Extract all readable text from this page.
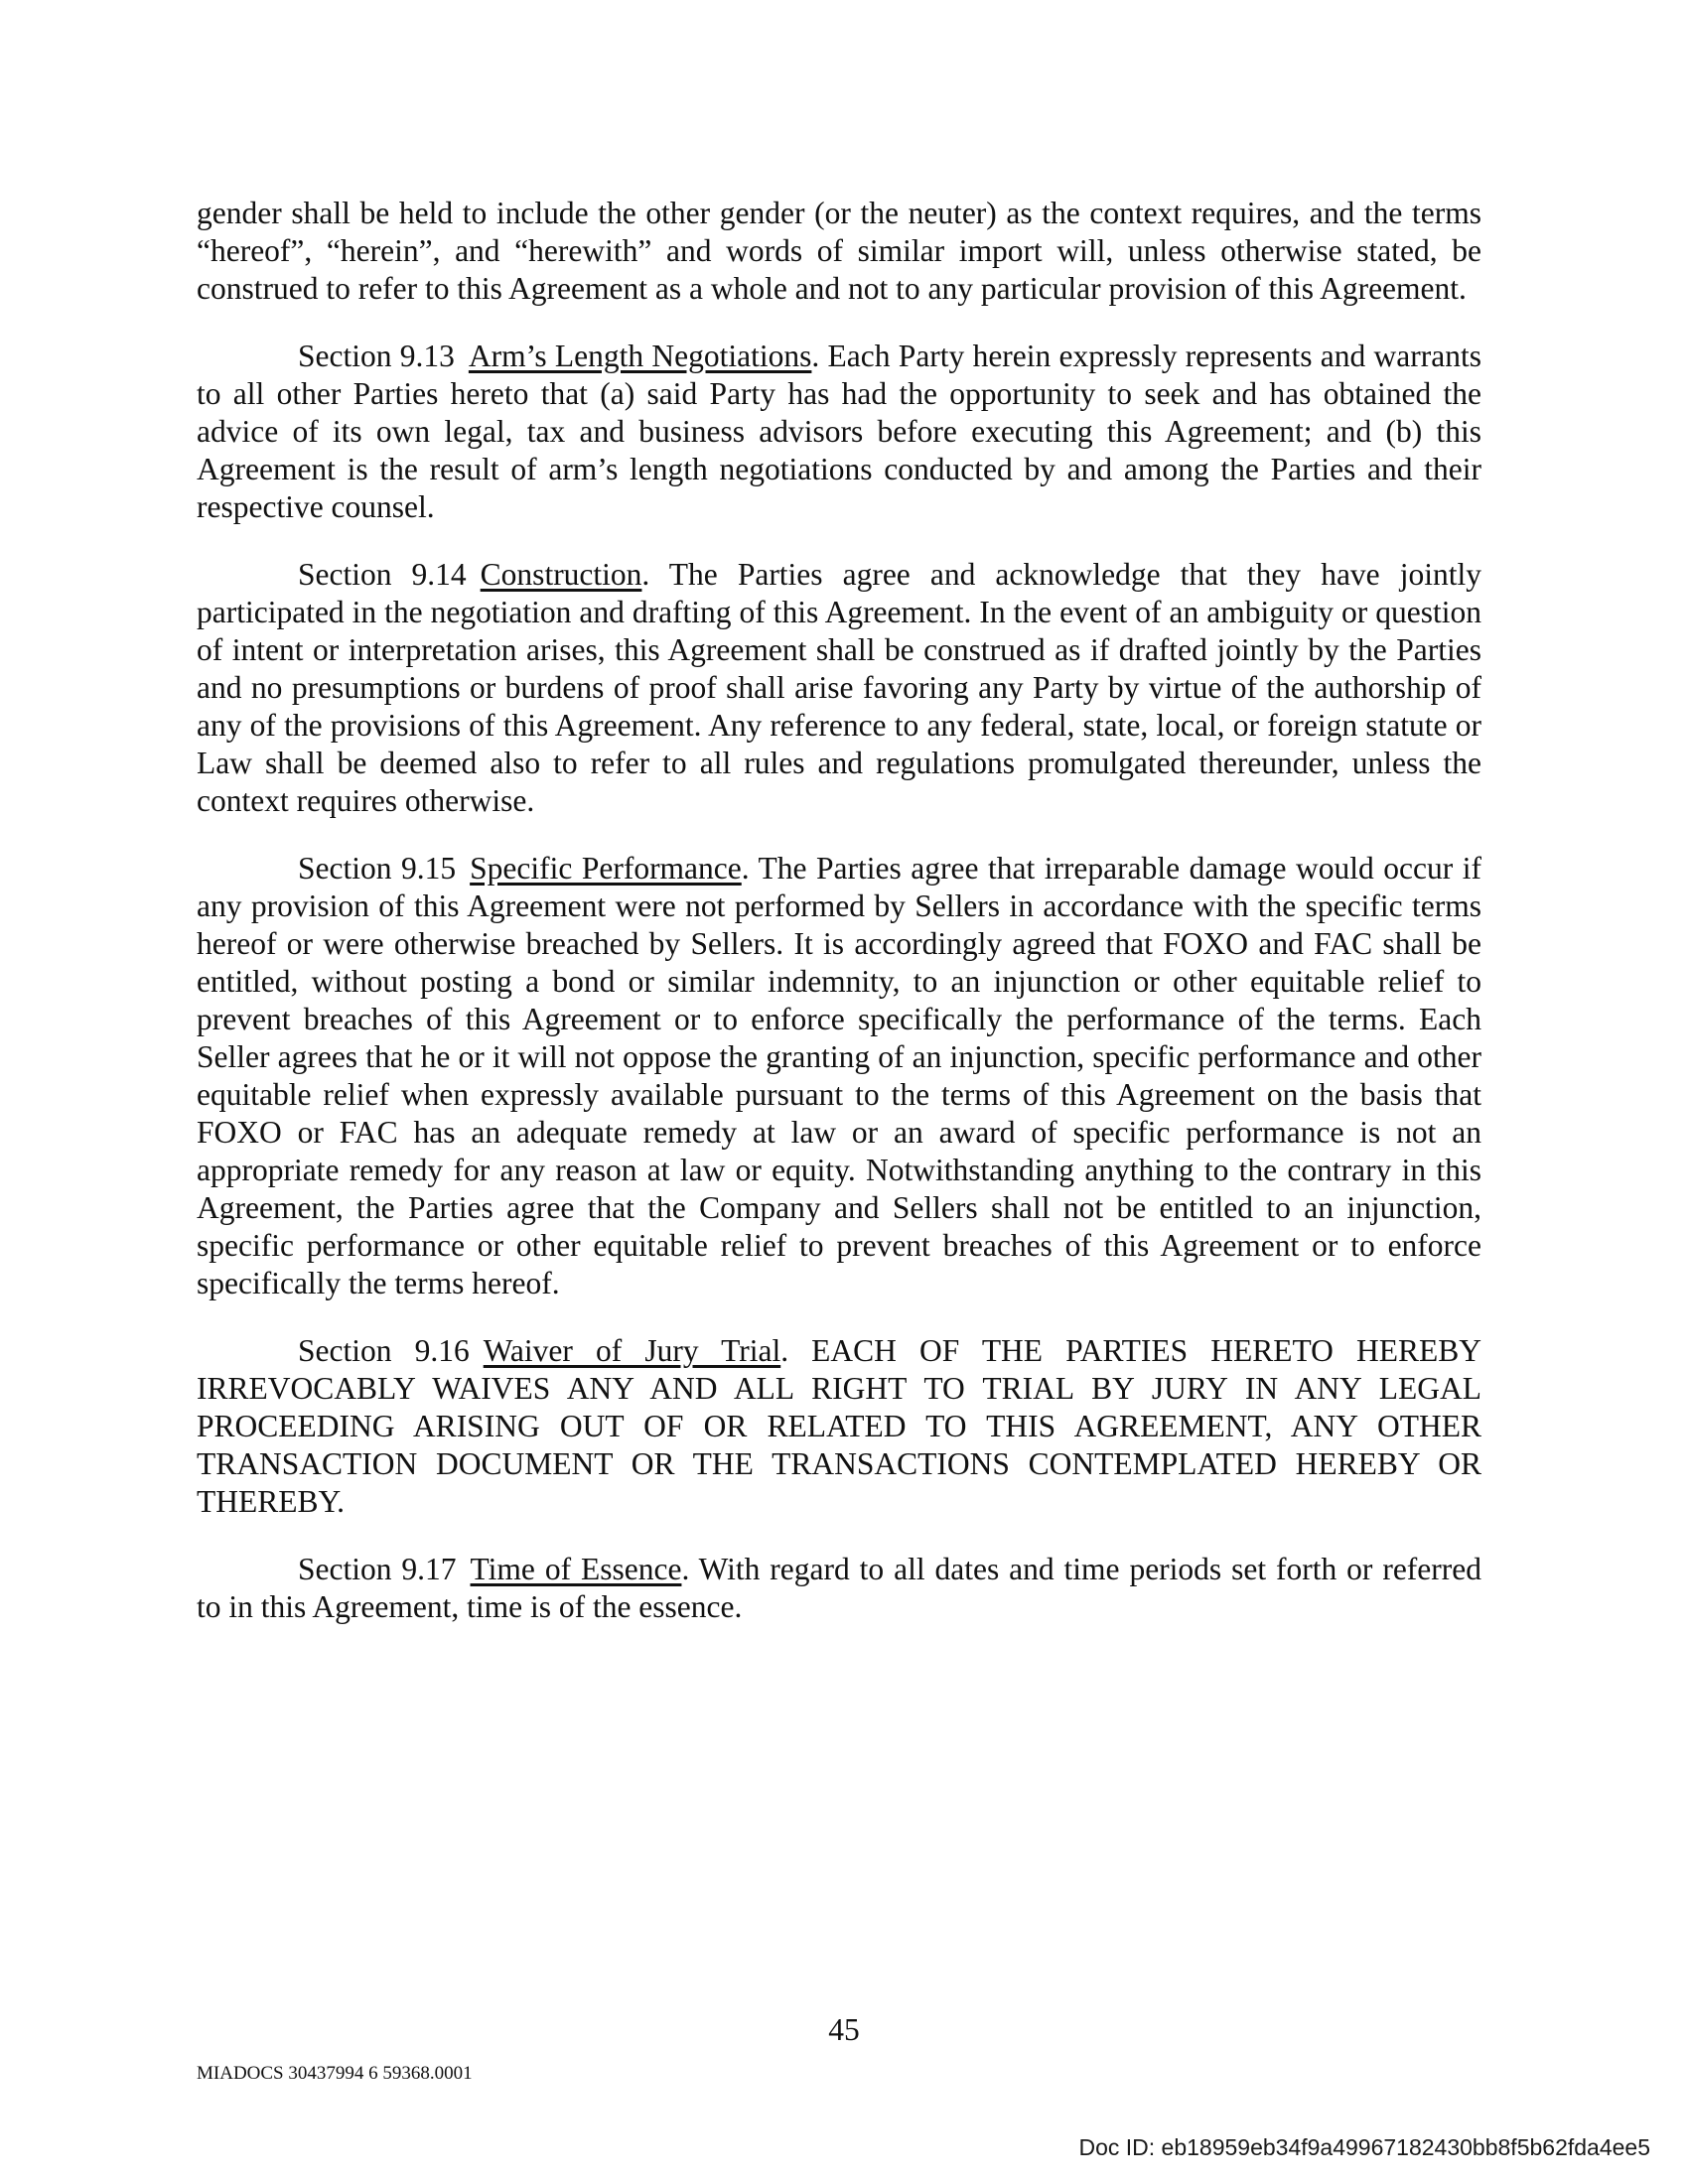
gender shall be held to include the other gender (or the neuter) as the context requires, and the terms “hereof”, “herein”, and “herewith” and words of similar import will, unless otherwise stated, be construed to refer to this Agreement as a whole and not to any particular provision of this Agreement.

Section 9.13 Arm’s Length Negotiations. Each Party herein expressly represents and warrants to all other Parties hereto that (a) said Party has had the opportunity to seek and has obtained the advice of its own legal, tax and business advisors before executing this Agreement; and (b) this Agreement is the result of arm’s length negotiations conducted by and among the Parties and their respective counsel.

Section 9.14 Construction. The Parties agree and acknowledge that they have jointly participated in the negotiation and drafting of this Agreement. In the event of an ambiguity or question of intent or interpretation arises, this Agreement shall be construed as if drafted jointly by the Parties and no presumptions or burdens of proof shall arise favoring any Party by virtue of the authorship of any of the provisions of this Agreement. Any reference to any federal, state, local, or foreign statute or Law shall be deemed also to refer to all rules and regulations promulgated thereunder, unless the context requires otherwise.

Section 9.15 Specific Performance. The Parties agree that irreparable damage would occur if any provision of this Agreement were not performed by Sellers in accordance with the specific terms hereof or were otherwise breached by Sellers. It is accordingly agreed that FOXO and FAC shall be entitled, without posting a bond or similar indemnity, to an injunction or other equitable relief to prevent breaches of this Agreement or to enforce specifically the performance of the terms. Each Seller agrees that he or it will not oppose the granting of an injunction, specific performance and other equitable relief when expressly available pursuant to the terms of this Agreement on the basis that FOXO or FAC has an adequate remedy at law or an award of specific performance is not an appropriate remedy for any reason at law or equity. Notwithstanding anything to the contrary in this Agreement, the Parties agree that the Company and Sellers shall not be entitled to an injunction, specific performance or other equitable relief to prevent breaches of this Agreement or to enforce specifically the terms hereof.

Section 9.16 Waiver of Jury Trial. EACH OF THE PARTIES HERETO HEREBY IRREVOCABLY WAIVES ANY AND ALL RIGHT TO TRIAL BY JURY IN ANY LEGAL PROCEEDING ARISING OUT OF OR RELATED TO THIS AGREEMENT, ANY OTHER TRANSACTION DOCUMENT OR THE TRANSACTIONS CONTEMPLATED HEREBY OR THEREBY.

Section 9.17 Time of Essence. With regard to all dates and time periods set forth or referred to in this Agreement, time is of the essence.

45
MIADOCS 30437994 6 59368.0001
Doc ID: eb18959eb34f9a49967182430bb8f5b62fda4ee5
